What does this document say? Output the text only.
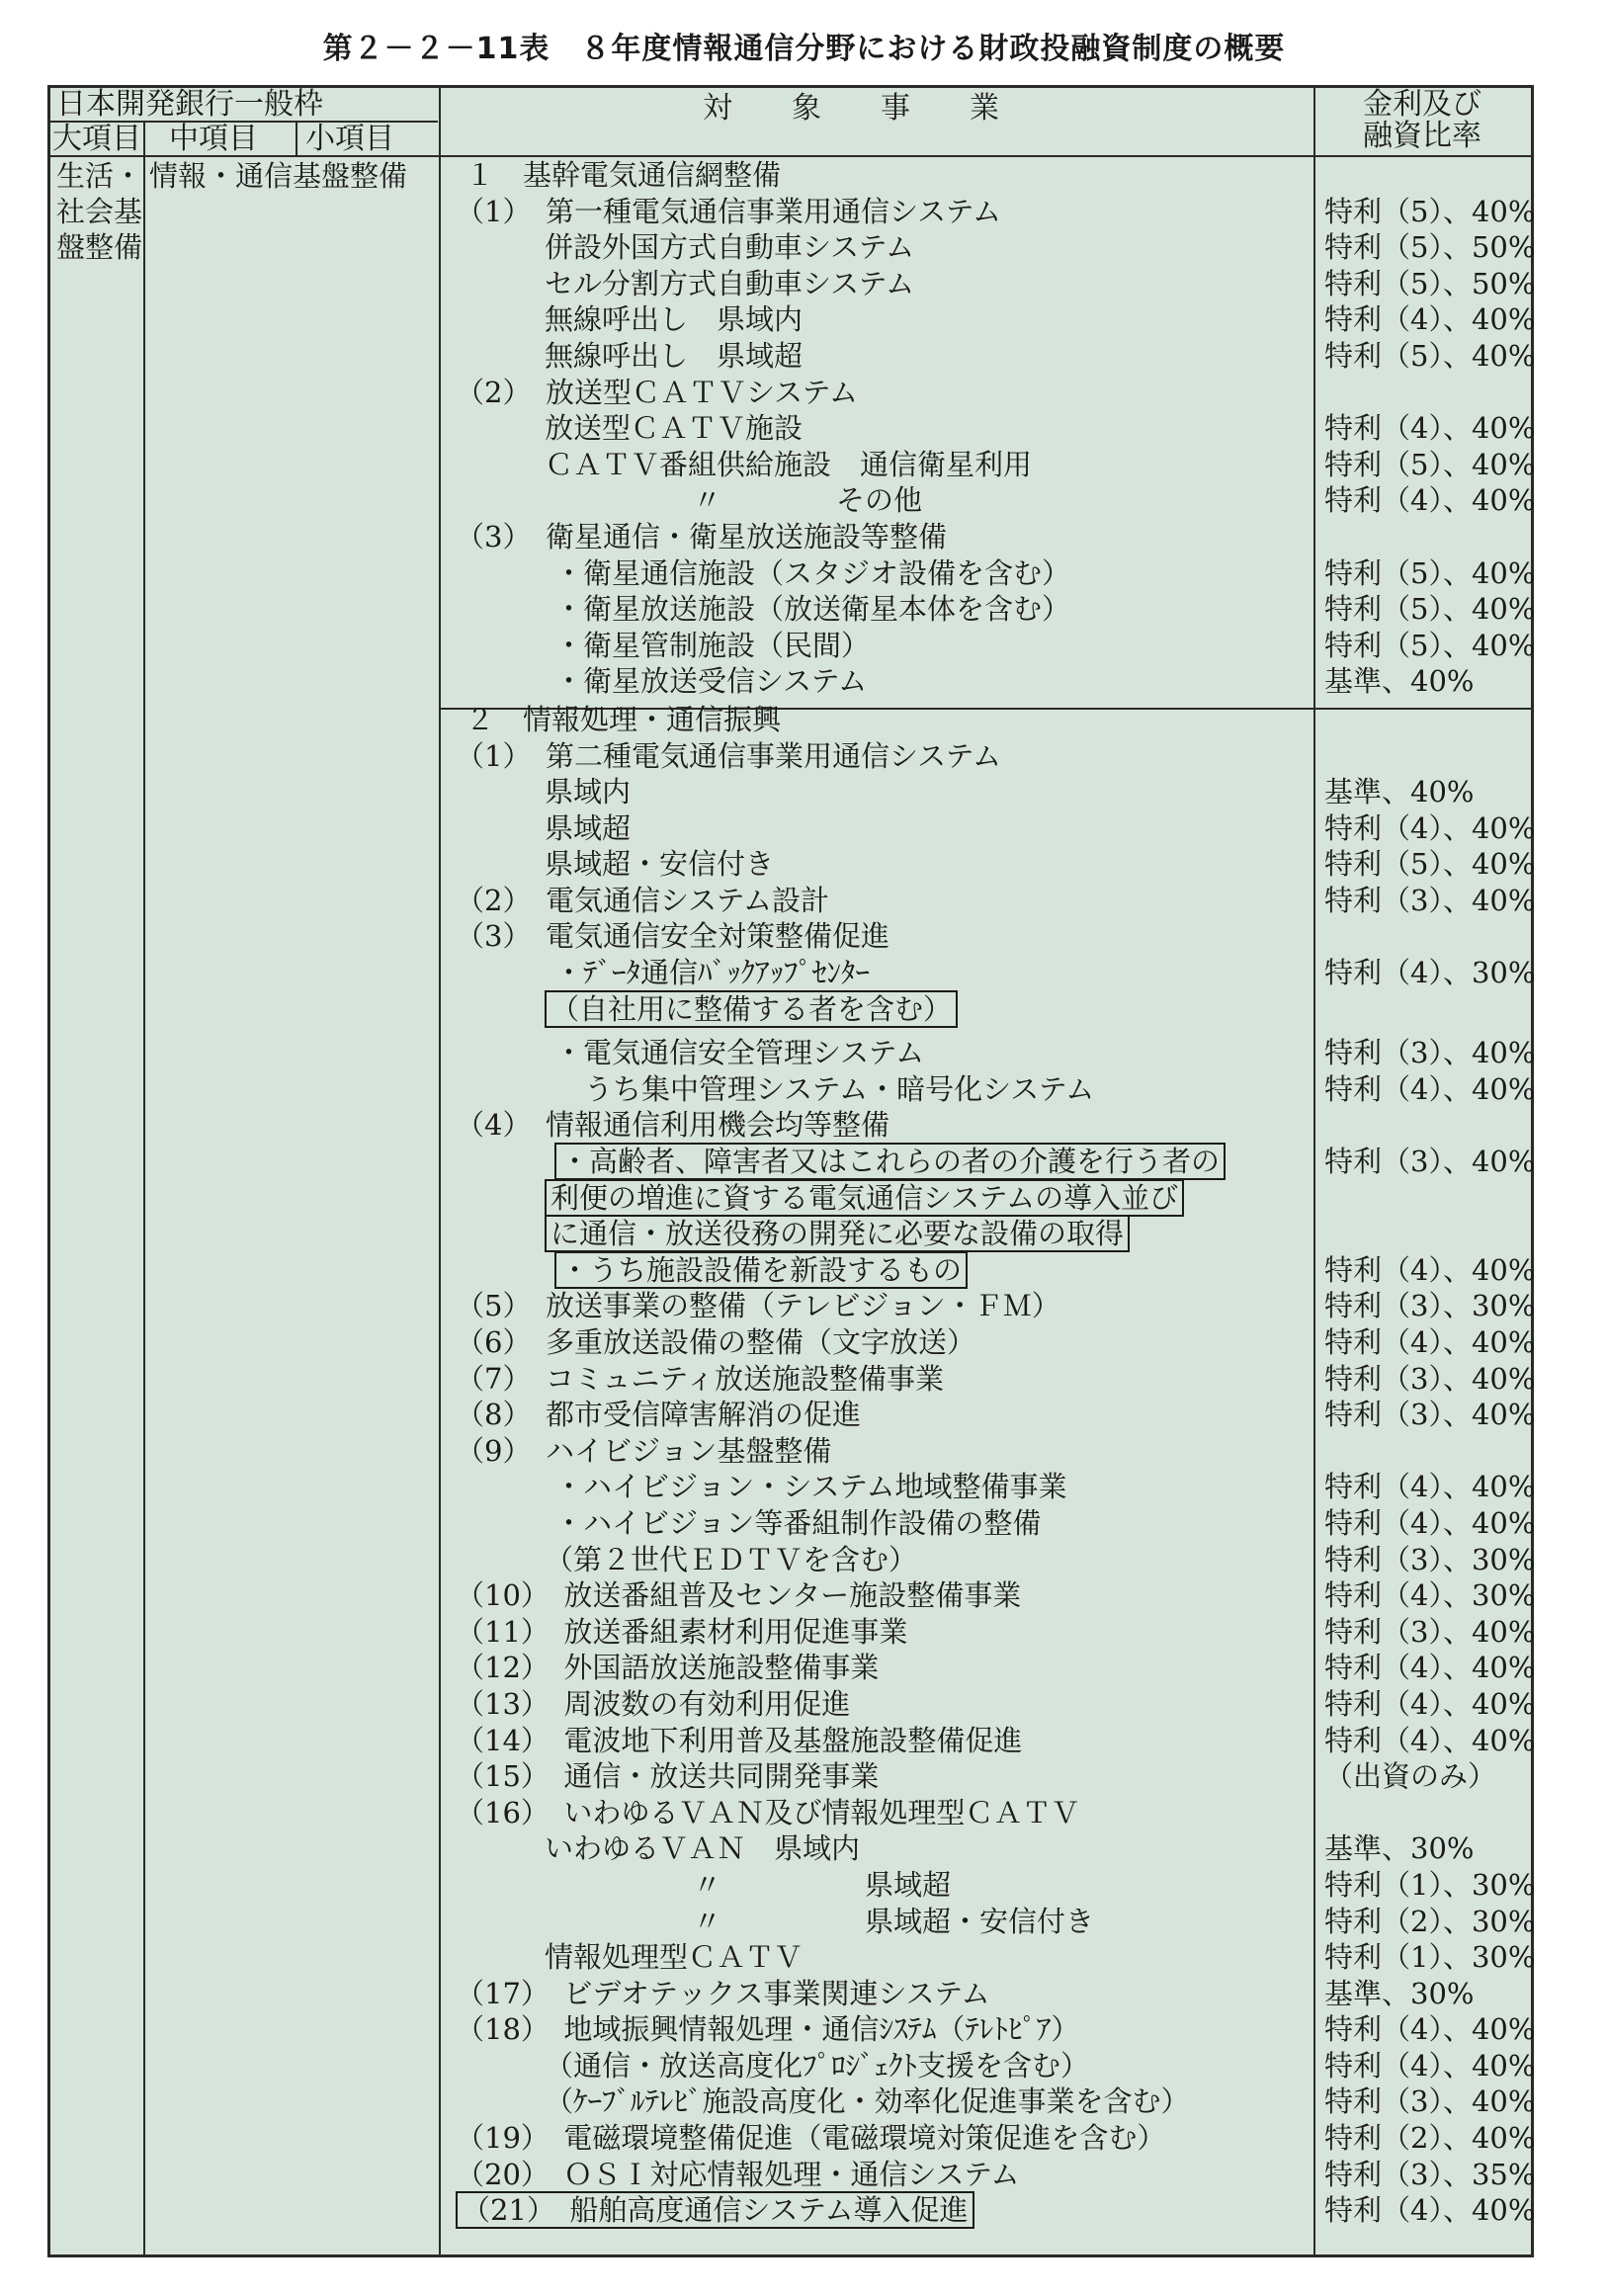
第２－２－11表　８年度情報通信分野における財政投融資制度の概要
日本開発銀行一般枠
大項目 中項目 小項目
対　　象　　事　　業	金利及び
融資比率
生活・
社会基
盤整備
情報・通信基盤整備	１　基幹電気通信網整備
（1）　第一種電気通信事業用通信システム
併設外国方式自動車システム
セル分割方式自動車システム
無線呼出し　県域内
無線呼出し　県域超
（2）　放送型ＣＡＴＶシステム
放送型ＣＡＴＶ施設
ＣＡＴＶ番組供給施設　通信衛星利用
〃　　　　その他
（3）　衛星通信・衛星放送施設等整備
・衛星通信施設（スタジオ設備を含む）
・衛星放送施設（放送衛星本体を含む）
・衛星管制施設（民間）
・衛星放送受信システム
２　情報処理・通信振興
（1）　第二種電気通信事業用通信システム
県域内
県域超
県域超・安信付き
（2）　電気通信システム設計
（3）　電気通信安全対策整備促進
・ﾃﾞｰﾀ通信ﾊﾞｯｸｱｯﾌﾟｾﾝﾀｰ
（自社用に整備する者を含む）
・電気通信安全管理システム
うち集中管理システム・暗号化システム
（4）　情報通信利用機会均等整備
・高齢者、障害者又はこれらの者の介護を行う者の
利便の増進に資する電気通信システムの導入並び
に通信・放送役務の開発に必要な設備の取得
・うち施設設備を新設するもの
（5）　放送事業の整備（テレビジョン・ＦＭ）
（6）　多重放送設備の整備（文字放送）
（7）　コミュニティ放送施設整備事業
（8）　都市受信障害解消の促進
（9）　ハイビジョン基盤整備
・ハイビジョン・システム地域整備事業
・ハイビジョン等番組制作設備の整備
（第２世代ＥＤＴＶを含む）
（10）　放送番組普及センター施設整備事業
（11）　放送番組素材利用促進事業
（12）　外国語放送施設整備事業
（13）　周波数の有効利用促進
（14）　電波地下利用普及基盤施設整備促進
（15）　通信・放送共同開発事業
（16）　いわゆるＶＡＮ及び情報処理型ＣＡＴＶ
いわゆるＶＡＮ　県域内
〃　　　　　県域超
〃　　　　　県域超・安信付き
情報処理型ＣＡＴＶ
（17）　ビデオテックス事業関連システム
（18）　地域振興情報処理・通信ｼｽﾃﾑ（ﾃﾚﾄﾋﾟｱ）
（通信・放送高度化ﾌﾟﾛｼﾞｪｸﾄ支援を含む）
（ｹｰﾌﾞﾙﾃﾚﾋﾞ施設高度化・効率化促進事業を含む）
（19）　電磁環境整備促進（電磁環境対策促進を含む）
（20）　ＯＳＩ対応情報処理・通信システム
（21）　船舶高度通信システム導入促進
特利（5）、40%
特利（5）、50%
特利（5）、50%
特利（4）、40%
特利（5）、40%
特利（4）、40%
特利（5）、40%
特利（4）、40%
特利（5）、40%
特利（5）、40%
特利（5）、40%
基準、40%
基準、40%
特利（4）、40%
特利（5）、40%
特利（3）、40%
特利（4）、30%
特利（3）、40%
特利（4）、40%
特利（3）、40%
特利（4）、40%
特利（3）、30%
特利（4）、40%
特利（3）、40%
特利（3）、40%
特利（4）、40%
特利（4）、40%
特利（3）、30%
特利（4）、30%
特利（3）、40%
特利（4）、40%
特利（4）、40%
特利（4）、40%
（出資のみ）
基準、30%
特利（1）、30%
特利（2）、30%
特利（1）、30%
基準、30%
特利（4）、40%
特利（4）、40%
特利（3）、40%
特利（2）、40%
特利（3）、35%
特利（4）、40%
